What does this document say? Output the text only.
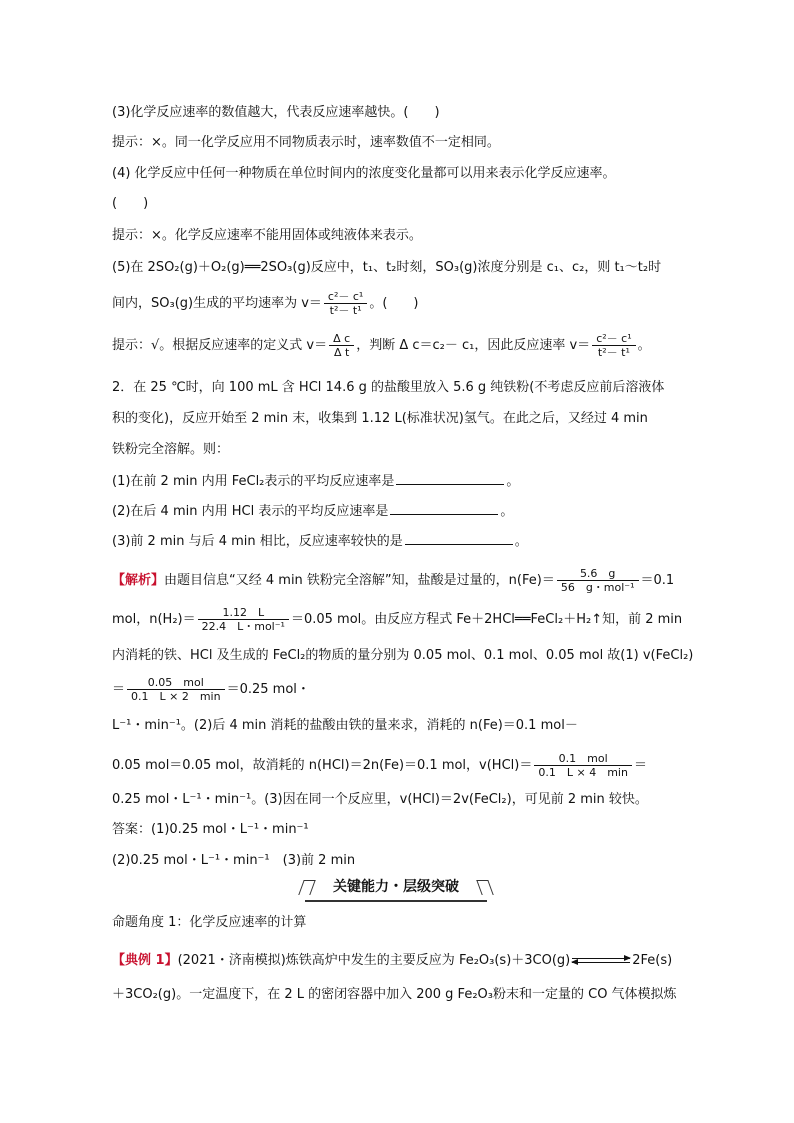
(3)化学反应速率的数值越大，代表反应速率越快。(　　)
提示：×。同一化学反应用不同物质表示时，速率数值不一定相同。
(4) 化学反应中任何一种物质在单位时间内的浓度变化量都可以用来表示化学反应速率。
(　　)
提示：×。化学反应速率不能用固体或纯液体来表示。
(5)在 2SO₂(g)＋O₂(g)══2SO₃(g)反应中，t₁、t₂时刻，SO₃(g)浓度分别是 c₁、c₂，则 t₁～t₂时
间内，SO₃(g)生成的平均速率为 $v= \frac{\text{c²－ c¹}}{\text{t²－ t¹}}$ 。(　　)
提示：√。根据反应速率的定义式 $v= \frac{\text{Δ c}}{\text{Δ t}}$ ，判断 Δ c＝c₂－ c₁，因此反应速率 $v= \frac{\text{c²－ c¹}}{\text{t²－ t¹}}$ 。
2．在 25 ℃时，向 100 mL 含 HCl 14.6 g 的盐酸里放入 5.6 g 纯铁粉(不考虑反应前后溶液体
积的变化)，反应开始至 2 min 末，收集到 1.12 L(标准状况)氢气。在此之后，又经过 4 min
铁粉完全溶解。则：
(1)在前 2 min 内用 FeCl₂表示的平均反应速率是	。
(2)在后 4 min 内用 HCl 表示的平均反应速率是	。
(3)前 2 min 与后 4 min 相比，反应速率较快的是	。
【解析】由题目信息“又经 4 min 铁粉完全溶解”知，盐酸是过量的，$n(Fe)= \frac{5.6 g}{\text{56　g・mol⁻¹}} =0.1$
mol，$n(H_2)= \frac{1.12 L}{\text{22.4　L・mol⁻¹}} =0.05$ mol。由反应方程式 Fe＋2HCl══FeCl₂＋H₂↑知，前 2 min
内消耗的铁、HCl 及生成的 FeCl₂的物质的量分别为 0.05 mol、0.1 mol、0.05 mol 故(1) v(FeCl₂)
＝ $\frac{\text{0.05　mol}}{0.1 L \times 2 \min} =0.25$ mol・
L⁻¹・min⁻¹。(2)后 4 min 消耗的盐酸由铁的量来求，消耗的 n(Fe)＝0.1 mol－
0.05 mol＝0.05 mol，故消耗的 n(HCl)＝2n(Fe)＝0.1 mol，$v(HCl)= \frac{\text{0.1　mol}}{0.1 L \times 4 \min}$ ＝
0.25 mol・L⁻¹・min⁻¹。(3)因在同一个反应里，v(HCl)＝2v(FeCl₂)，可见前 2 min 较快。
答案：(1)0.25 mol・L⁻¹・min⁻¹
(2)0.25 mol・L⁻¹・min⁻¹　(3)前 2 min
关键能力・层级突破
命题角度 1：化学反应速率的计算
【典例 1】(2021・济南模拟)炼铁高炉中发生的主要反应为 Fe₂O₃(s)＋3CO(g)	2Fe(s)
＋3CO₂(g)。一定温度下，在 2 L 的密闭容器中加入 200 g Fe₂O₃粉末和一定量的 CO 气体模拟炼
